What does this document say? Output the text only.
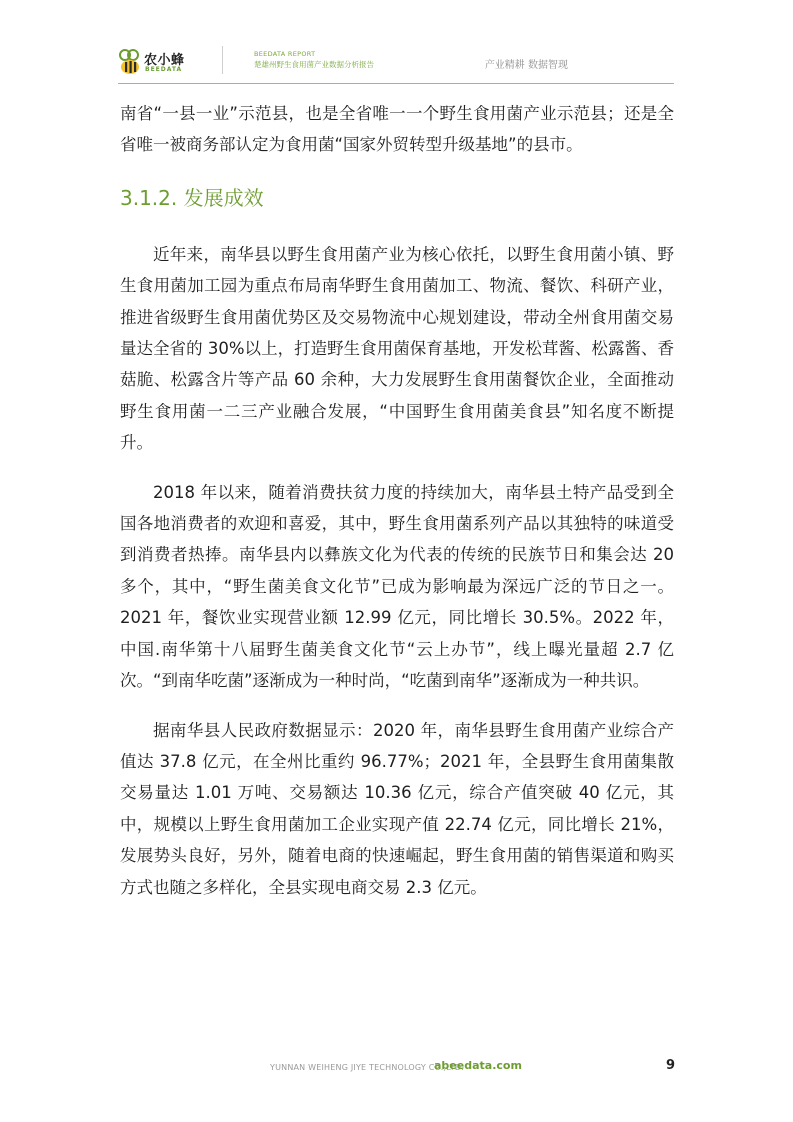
农小蜂
BEEDATA
BEEDATA REPORT
楚雄州野生食用菌产业数据分析报告	产业精耕 数据智现

南省“一县一业”示范县，也是全省唯一一个野生食用菌产业示范县；还是全省唯一被商务部认定为食用菌“国家外贸转型升级基地”的县市。

3.1.2. 发展成效

近年来，南华县以野生食用菌产业为核心依托，以野生食用菌小镇、野生食用菌加工园为重点布局南华野生食用菌加工、物流、餐饮、科研产业，推进省级野生食用菌优势区及交易物流中心规划建设，带动全州食用菌交易量达全省的 30%以上，打造野生食用菌保育基地，开发松茸酱、松露酱、香菇脆、松露含片等产品 60 余种，大力发展野生食用菌餐饮企业，全面推动野生食用菌一二三产业融合发展，“中国野生食用菌美食县”知名度不断提升。

2018 年以来，随着消费扶贫力度的持续加大，南华县土特产品受到全国各地消费者的欢迎和喜爱，其中，野生食用菌系列产品以其独特的味道受到消费者热捧。南华县内以彝族文化为代表的传统的民族节日和集会达 20 多个，其中，“野生菌美食文化节”已成为影响最为深远广泛的节日之一。2021 年，餐饮业实现营业额 12.99 亿元，同比增长 30.5%。2022 年，中国.南华第十八届野生菌美食文化节“云上办节”，线上曝光量超 2.7 亿次。“到南华吃菌”逐渐成为一种时尚，“吃菌到南华”逐渐成为一种共识。

据南华县人民政府数据显示：2020 年，南华县野生食用菌产业综合产值达 37.8 亿元，在全州比重约 96.77%；2021 年，全县野生食用菌集散交易量达 1.01 万吨、交易额达 10.36 亿元，综合产值突破 40 亿元，其中，规模以上野生食用菌加工企业实现产值 22.74 亿元，同比增长 21%，发展势头良好，另外，随着电商的快速崛起，野生食用菌的销售渠道和购买方式也随之多样化，全县实现电商交易 2.3 亿元。

YUNNAN WEIHENG JIYE TECHNOLOGY CO.,LTD.
abeedata.com	9
